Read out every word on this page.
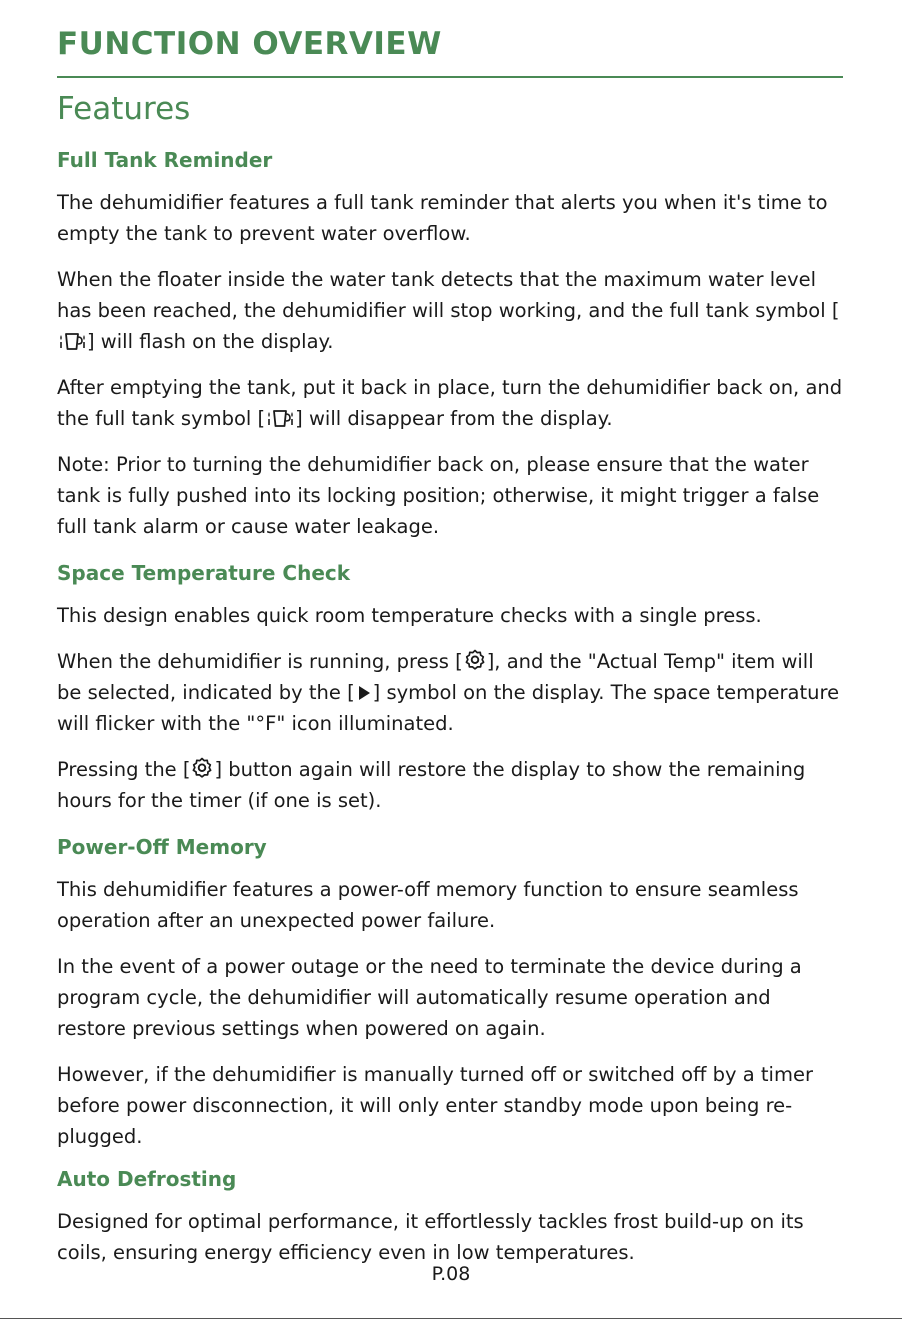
FUNCTION OVERVIEW
Features
Full Tank Reminder

The dehumidifier features a full tank reminder that alerts you when it's time to empty the tank to prevent water overflow.

When the floater inside the water tank detects that the maximum water level has been reached, the dehumidifier will stop working, and the full tank symbol [] will flash on the display.

After emptying the tank, put it back in place, turn the dehumidifier back on, and the full tank symbol [ ] will disappear from the display.

Note: Prior to turning the dehumidifier back on, please ensure that the water tank is fully pushed into its locking position; otherwise, it might trigger a false full tank alarm or cause water leakage.

Space Temperature Check

This design enables quick room temperature checks with a single press.

When the dehumidifier is running, press [ ], and the "Actual Temp" item will be selected, indicated by the [ ] symbol on the display. The space temperature will flicker with the "°F" icon illuminated.

Pressing the [ ] button again will restore the display to show the remaining hours for the timer (if one is set).

Power-Off Memory

This dehumidifier features a power-off memory function to ensure seamless operation after an unexpected power failure.

In the event of a power outage or the need to terminate the device during a program cycle, the dehumidifier will automatically resume operation and restore previous settings when powered on again.

However, if the dehumidifier is manually turned off or switched off by a timer before power disconnection, it will only enter standby mode upon being re-plugged.

Auto Defrosting

Designed for optimal performance, it effortlessly tackles frost build-up on its coils, ensuring energy efficiency even in low temperatures.

P.08
